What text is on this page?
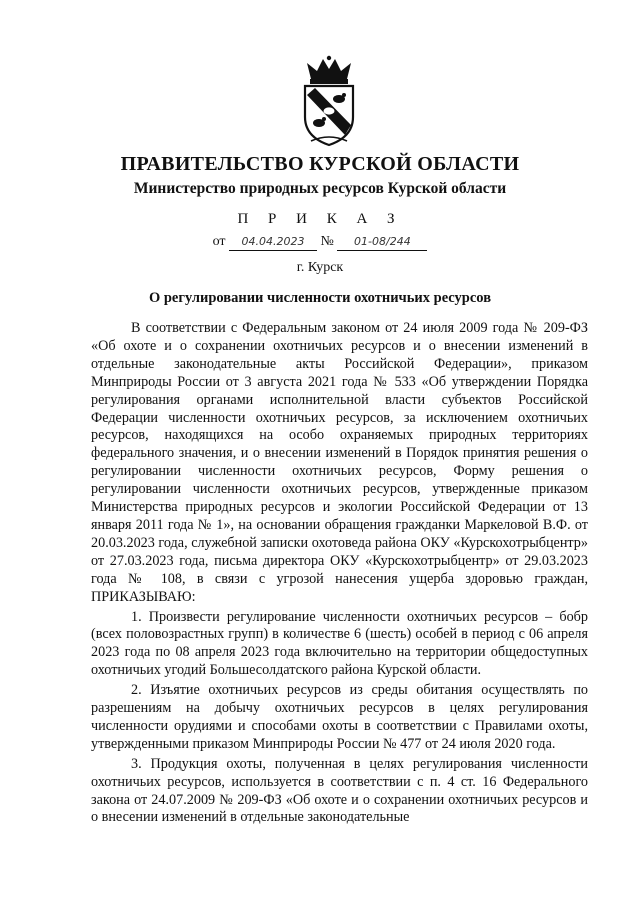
ПРАВИТЕЛЬСТВО КУРСКОЙ ОБЛАСТИ
Министерство природных ресурсов Курской области
П Р И К А З
от 04.04.2023 № 01-08/244
г. Курск
О регулировании численности охотничьих ресурсов

В соответствии с Федеральным законом от 24 июля 2009 года № 209-ФЗ «Об охоте и о сохранении охотничьих ресурсов и о внесении изменений в отдельные законодательные акты Российской Федерации», приказом Минприроды России от 3 августа 2021 года № 533 «Об утверждении Порядка регулирования органами исполнительной власти субъектов Российской Федерации численности охотничьих ресурсов, за исключением охотничьих ресурсов, находящихся на особо охраняемых природных территориях федерального значения, и о внесении изменений в Порядок принятия решения о регулировании численности охотничьих ресурсов, Форму решения о регулировании численности охотничьих ресурсов, утвержденные приказом Министерства природных ресурсов и экологии Российской Федерации от 13 января 2011 года № 1», на основании обращения гражданки Маркеловой В.Ф. от 20.03.2023 года, служебной записки охотоведа района ОКУ «Курскохотрыбцентр» от 27.03.2023 года, письма директора ОКУ «Курскохотрыбцентр» от 29.03.2023 года № 108, в связи с угрозой нанесения ущерба здоровью граждан, ПРИКАЗЫВАЮ:

1. Произвести регулирование численности охотничьих ресурсов – бобр (всех половозрастных групп) в количестве 6 (шесть) особей в период с 06 апреля 2023 года по 08 апреля 2023 года включительно на территории общедоступных охотничьих угодий Большесолдатского района Курской области.

2. Изъятие охотничьих ресурсов из среды обитания осуществлять по разрешениям на добычу охотничьих ресурсов в целях регулирования численности орудиями и способами охоты в соответствии с Правилами охоты, утвержденными приказом Минприроды России № 477 от 24 июля 2020 года.

3. Продукция охоты, полученная в целях регулирования численности охотничьих ресурсов, используется в соответствии с п. 4 ст. 16 Федерального закона от 24.07.2009 № 209-ФЗ «Об охоте и о сохранении охотничьих ресурсов и о внесении изменений в отдельные законодательные
